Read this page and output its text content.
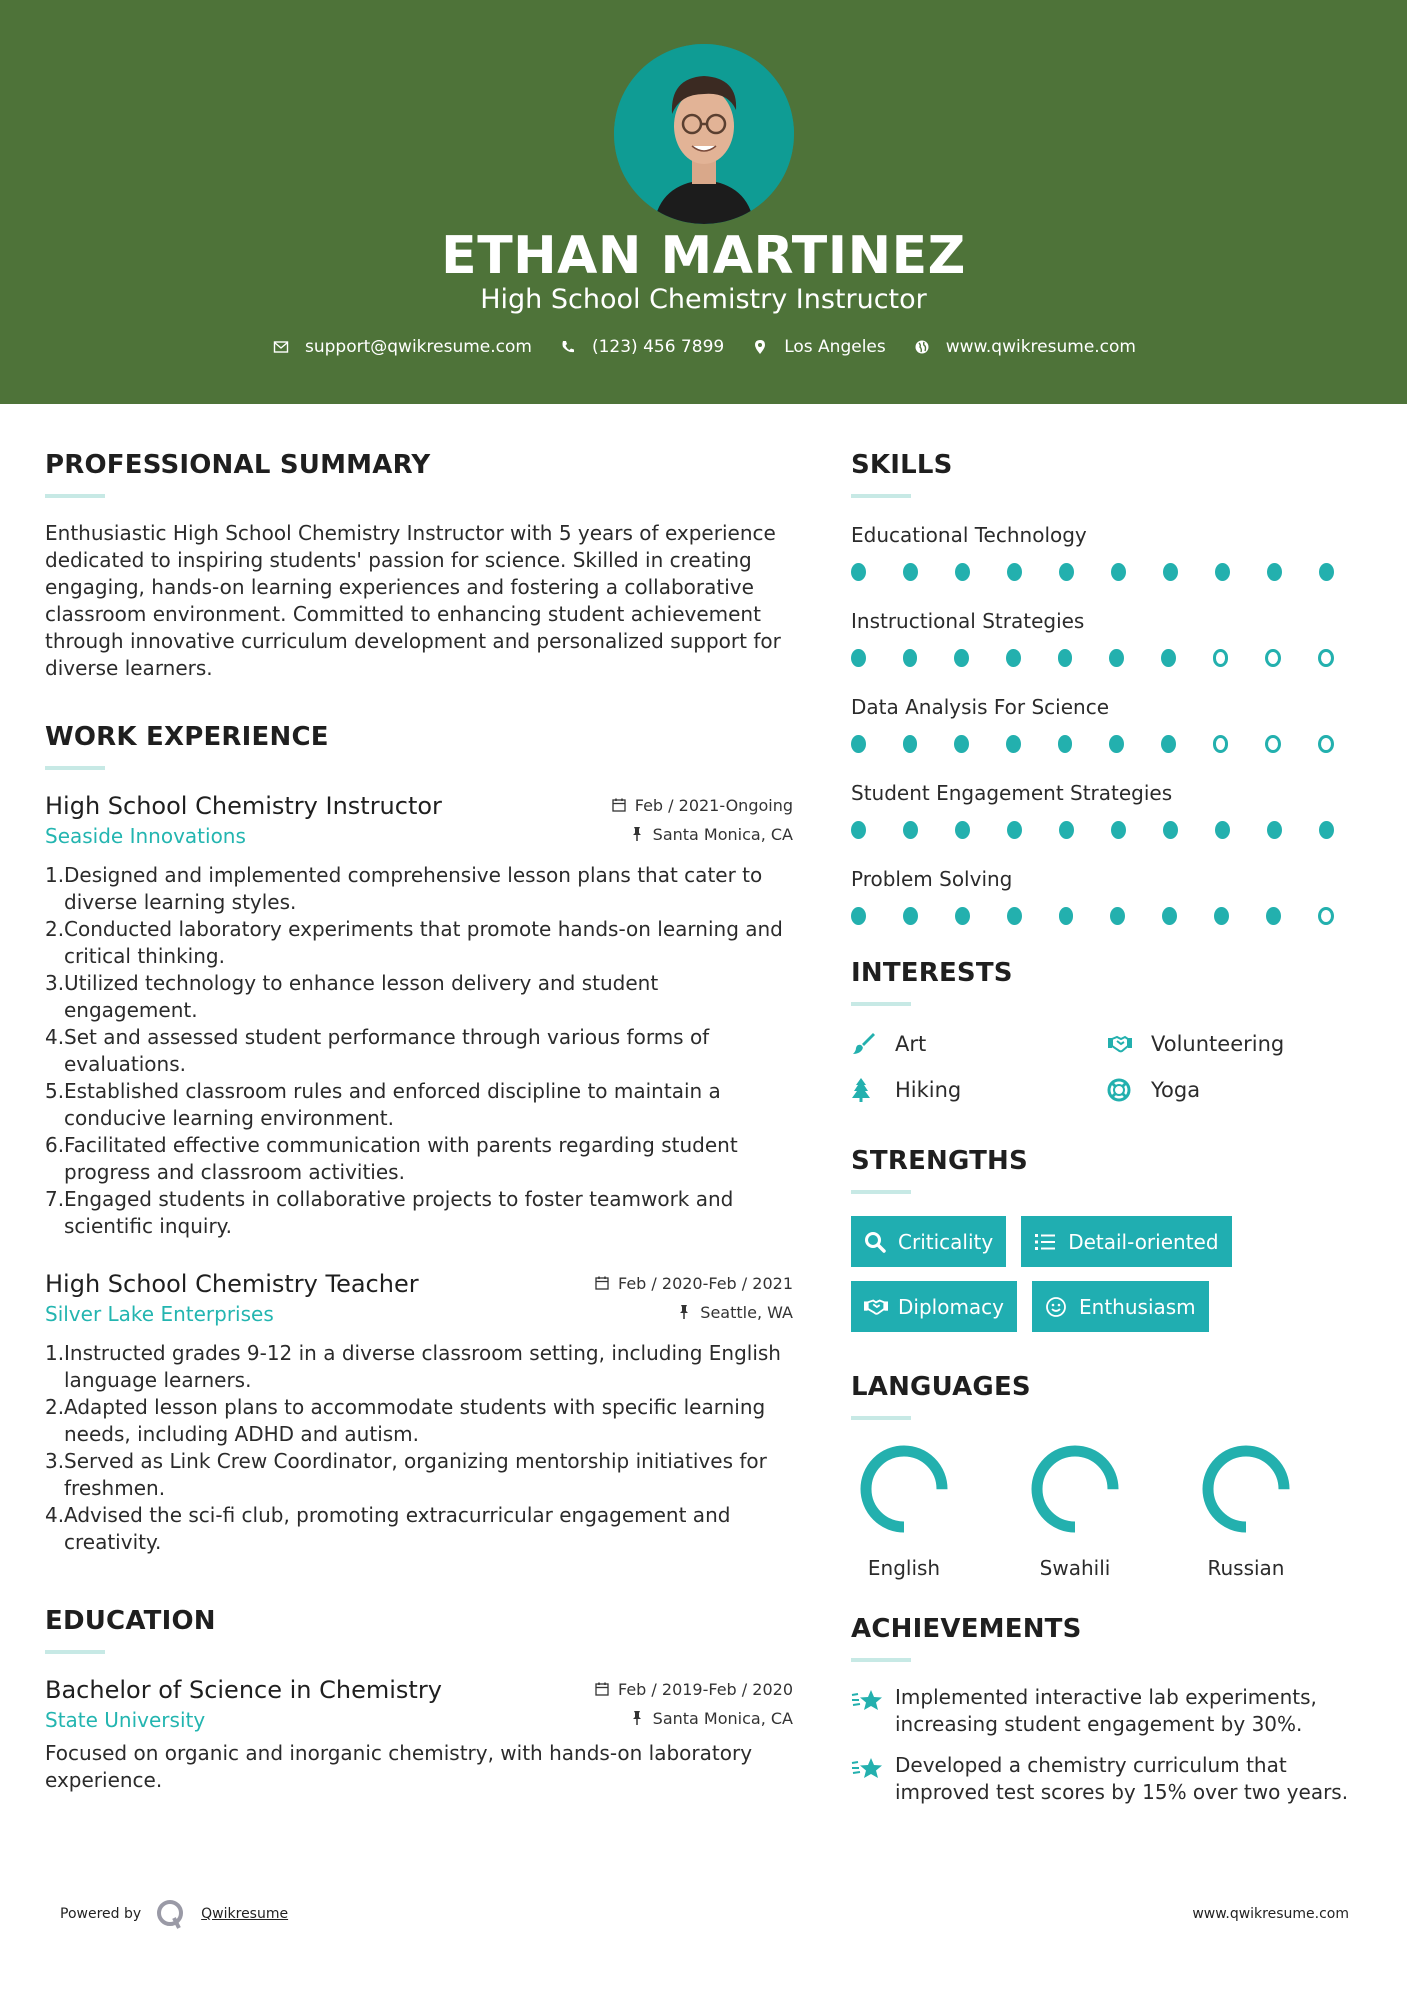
ETHAN MARTINEZ
High School Chemistry Instructor
support@qwikresume.com	(123) 456 7899	Los Angeles	www.qwikresume.com
PROFESSIONAL SUMMARY

Enthusiastic High School Chemistry Instructor with 5 years of experience dedicated to inspiring students' passion for science. Skilled in creating engaging, hands-on learning experiences and fostering a collaborative classroom environment. Committed to enhancing student achievement through innovative curriculum development and personalized support for diverse learners.

WORK EXPERIENCE
High School Chemistry Instructor	Feb / 2021-Ongoing
Seaside Innovations	Santa Monica, CA
1. Designed and implemented comprehensive lesson plans that cater to diverse learning styles.
2. Conducted laboratory experiments that promote hands-on learning and critical thinking.
3. Utilized technology to enhance lesson delivery and student engagement.
4. Set and assessed student performance through various forms of evaluations.
5. Established classroom rules and enforced discipline to maintain a conducive learning environment.
6. Facilitated effective communication with parents regarding student progress and classroom activities.
7. Engaged students in collaborative projects to foster teamwork and scientific inquiry.
High School Chemistry Teacher	Feb / 2020-Feb / 2021
Silver Lake Enterprises	Seattle, WA
1. Instructed grades 9-12 in a diverse classroom setting, including English language learners.
2. Adapted lesson plans to accommodate students with specific learning needs, including ADHD and autism.
3. Served as Link Crew Coordinator, organizing mentorship initiatives for freshmen.
4. Advised the sci-fi club, promoting extracurricular engagement and creativity.
EDUCATION
Bachelor of Science in Chemistry	Feb / 2019-Feb / 2020
State University	Santa Monica, CA

Focused on organic and inorganic chemistry, with hands-on laboratory experience.

SKILLS
Educational Technology
Instructional Strategies
Data Analysis For Science
Student Engagement Strategies
Problem Solving
INTERESTS
Art	Volunteering
Hiking	Yoga
STRENGTHS
Criticality	Detail-oriented
Diplomacy	Enthusiasm
LANGUAGES
English	Swahili	Russian
ACHIEVEMENTS
Implemented interactive lab experiments, increasing student engagement by 30%.
Developed a chemistry curriculum that improved test scores by 15% over two years.
Powered by	Qwikresume	www.qwikresume.com
